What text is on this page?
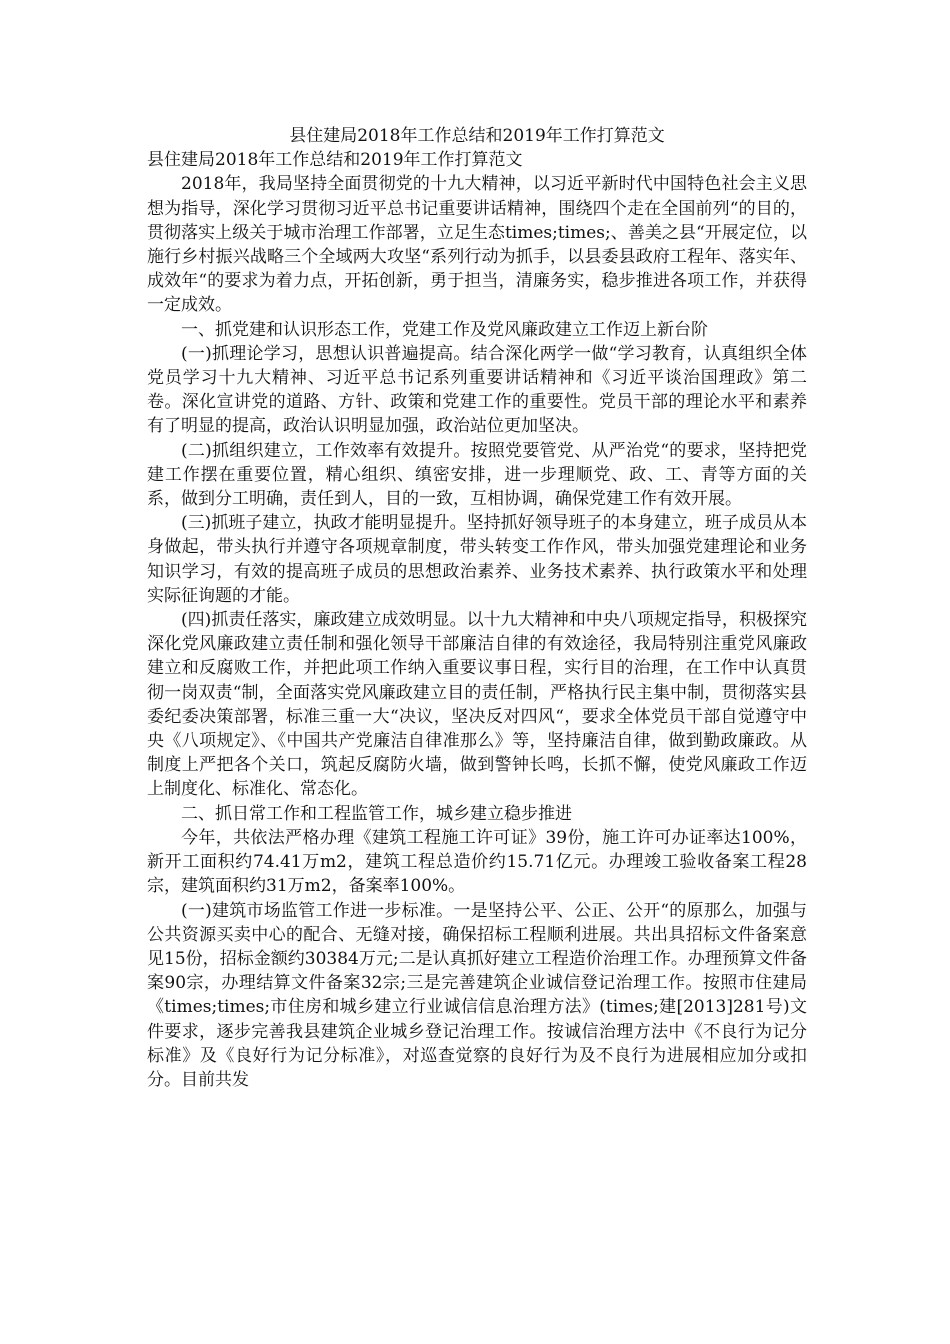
县住建局2018年工作总结和2019年工作打算范文

县住建局2018年工作总结和2019年工作打算范文

2018年，我局坚持全面贯彻党的十九大精神，以习近平新时代中国特色社会主义思想为指导，深化学习贯彻习近平总书记重要讲话精神，围绕四个走在全国前列“的目的，贯彻落实上级关于城市治理工作部署，立足生态times;times;、善美之县“开展定位，以施行乡村振兴战略三个全域两大攻坚“系列行动为抓手，以县委县政府工程年、落实年、成效年“的要求为着力点，开拓创新，勇于担当，清廉务实，稳步推进各项工作，并获得一定成效。

一、抓党建和认识形态工作，党建工作及党风廉政建立工作迈上新台阶

(一)抓理论学习，思想认识普遍提高。结合深化两学一做“学习教育，认真组织全体党员学习十九大精神、习近平总书记系列重要讲话精神和《习近平谈治国理政》第二卷。深化宣讲党的道路、方针、政策和党建工作的重要性。党员干部的理论水平和素养有了明显的提高，政治认识明显加强，政治站位更加坚决。

(二)抓组织建立，工作效率有效提升。按照党要管党、从严治党“的要求，坚持把党建工作摆在重要位置，精心组织、缜密安排，进一步理顺党、政、工、青等方面的关系，做到分工明确，责任到人，目的一致，互相协调，确保党建工作有效开展。

(三)抓班子建立，执政才能明显提升。坚持抓好领导班子的本身建立，班子成员从本身做起，带头执行并遵守各项规章制度，带头转变工作作风，带头加强党建理论和业务知识学习，有效的提高班子成员的思想政治素养、业务技术素养、执行政策水平和处理实际征询题的才能。

(四)抓责任落实，廉政建立成效明显。以十九大精神和中央八项规定指导，积极探究深化党风廉政建立责任制和强化领导干部廉洁自律的有效途径，我局特别注重党风廉政建立和反腐败工作，并把此项工作纳入重要议事日程，实行目的治理，在工作中认真贯彻一岗双责“制，全面落实党风廉政建立目的责任制，严格执行民主集中制，贯彻落实县委纪委决策部署，标准三重一大“决议，坚决反对四风“，要求全体党员干部自觉遵守中央《八项规定》、《中国共产党廉洁自律准那么》等，坚持廉洁自律，做到勤政廉政。从制度上严把各个关口，筑起反腐防火墙，做到警钟长鸣，长抓不懈，使党风廉政工作迈上制度化、标准化、常态化。

二、抓日常工作和工程监管工作，城乡建立稳步推进

今年，共依法严格办理《建筑工程施工许可证》39份，施工许可办证率达100%，新开工面积约74.41万m2，建筑工程总造价约15.71亿元。办理竣工验收备案工程28宗，建筑面积约31万m2，备案率100%。

(一)建筑市场监管工作进一步标准。一是坚持公平、公正、公开“的原那么，加强与公共资源买卖中心的配合、无缝对接，确保招标工程顺利进展。共出具招标文件备案意见15份，招标金额约30384万元;二是认真抓好建立工程造价治理工作。办理预算文件备案90宗，办理结算文件备案32宗;三是完善建筑企业诚信登记治理工作。按照市住建局《times;times;市住房和城乡建立行业诚信信息治理方法》(times;建[2013]281号)文件要求，逐步完善我县建筑企业城乡登记治理工作。按诚信治理方法中《不良行为记分标准》及《良好行为记分标准》，对巡查觉察的良好行为及不良行为进展相应加分或扣分。目前共发
